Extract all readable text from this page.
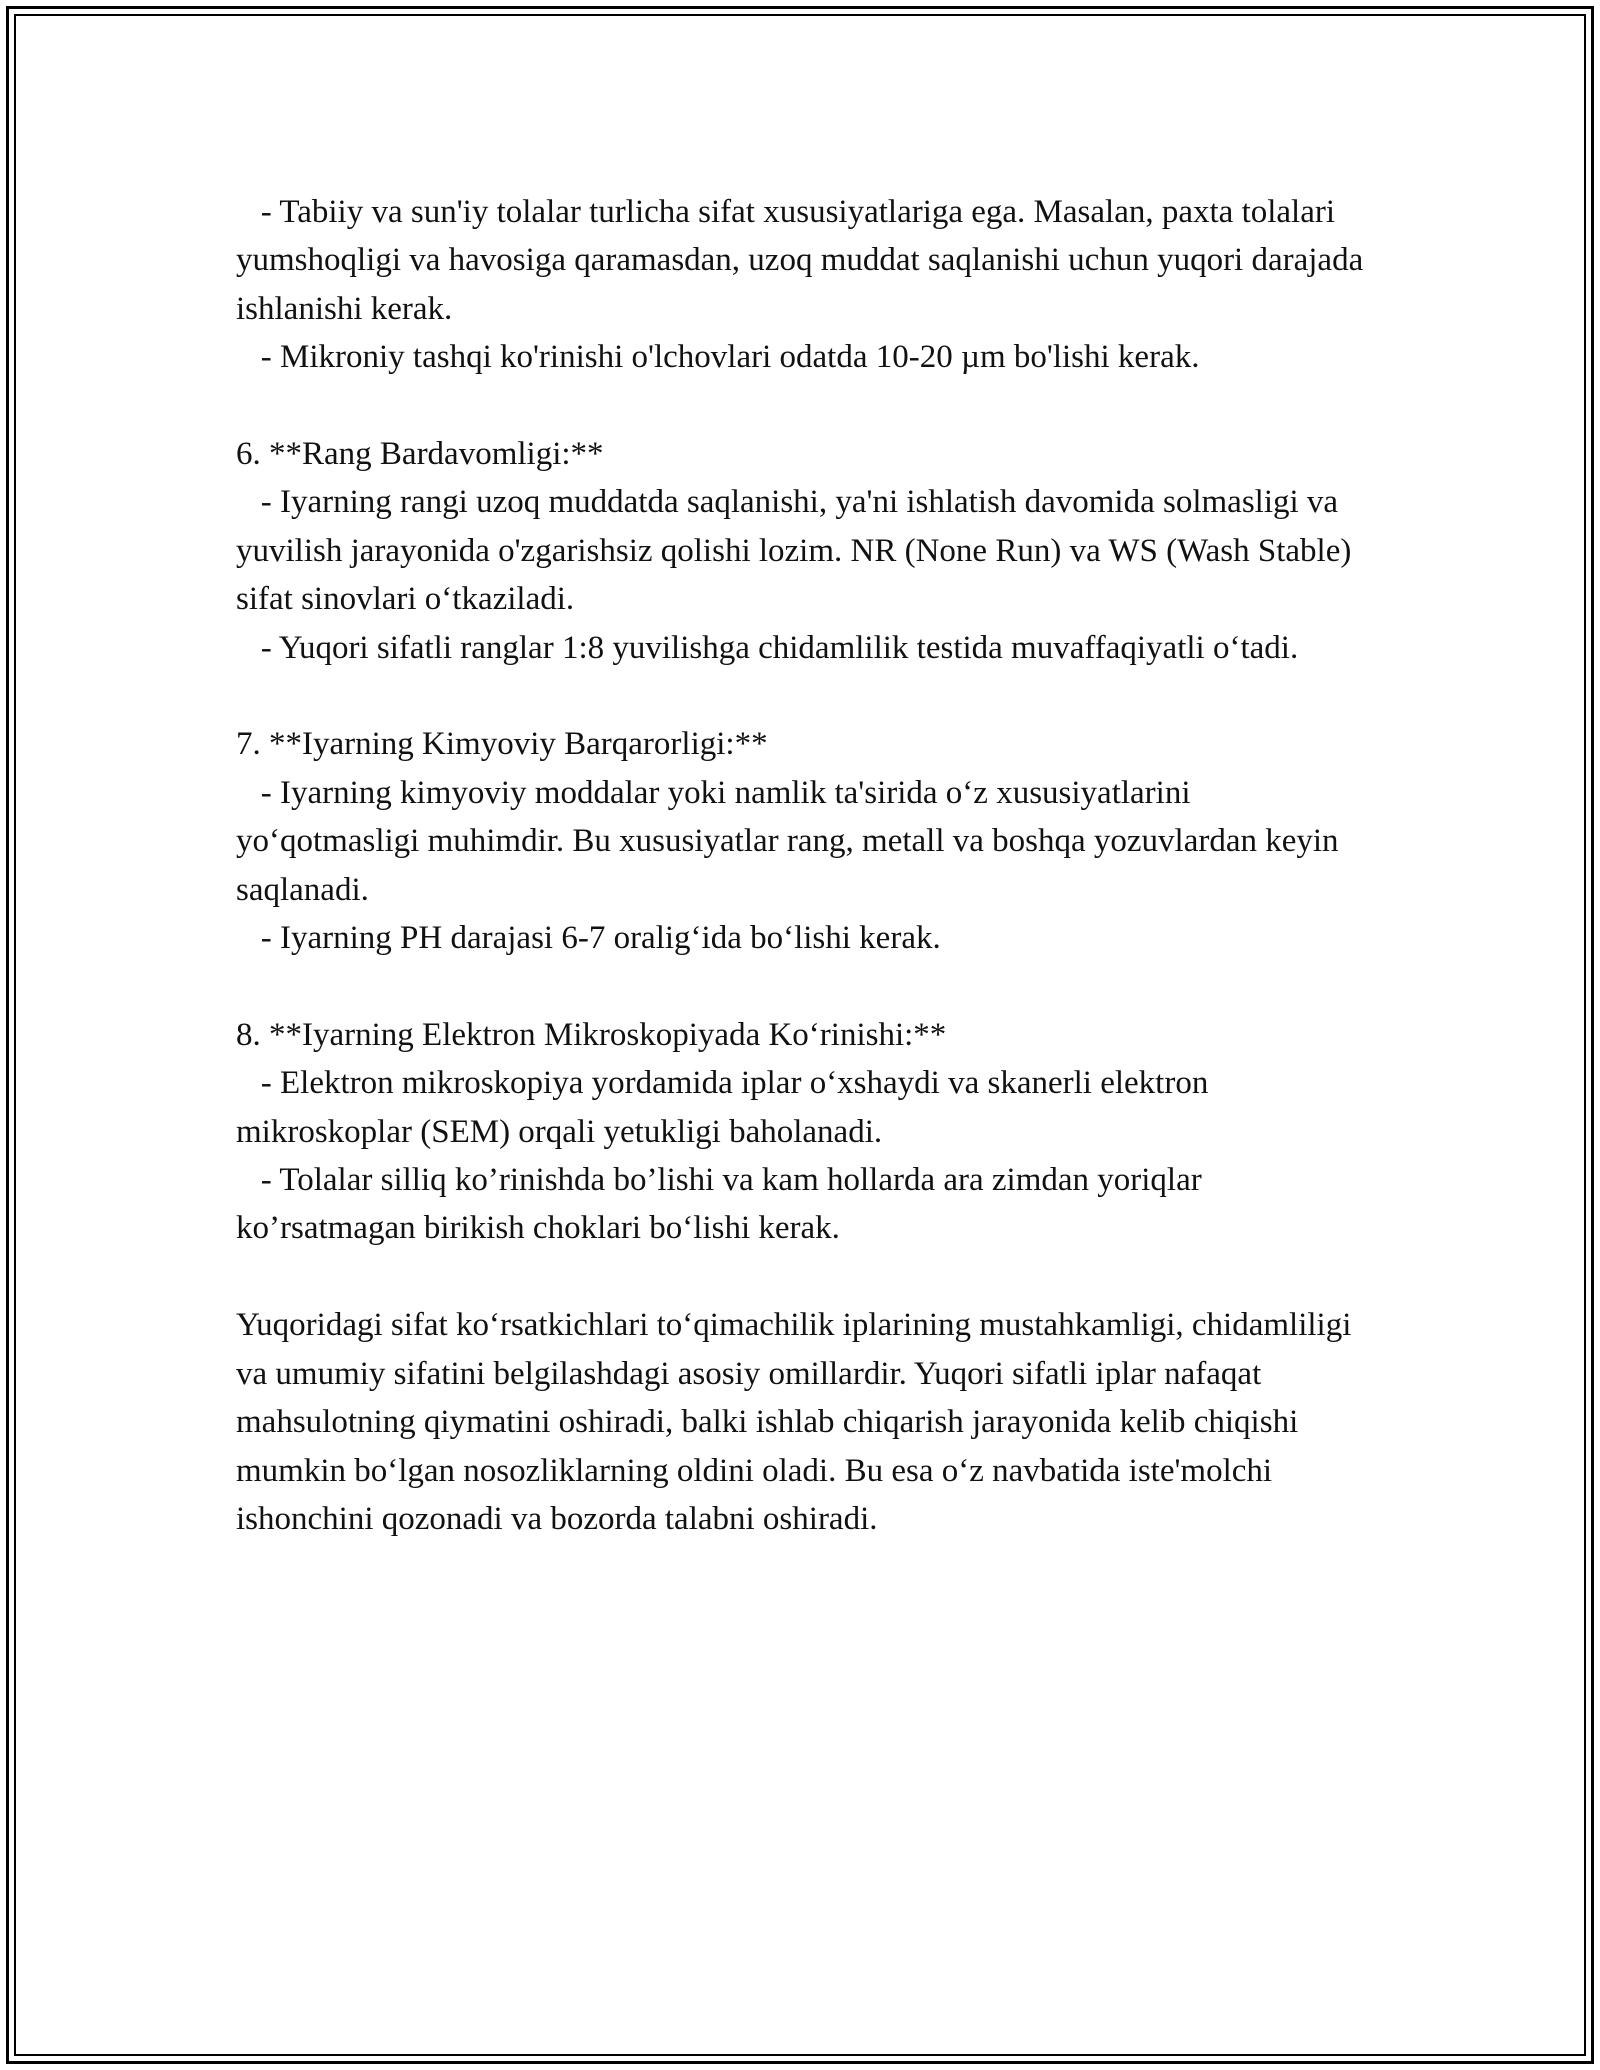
- Tabiiy va sun'iy tolalar turlicha sifat xususiyatlariga ega. Masalan, paxta tolalari yumshoqligi va havosiga qaramasdan, uzoq muddat saqlanishi uchun yuqori darajada ishlanishi kerak.

- Mikroniy tashqi ko'rinishi o'lchovlari odatda 10-20 µm bo'lishi kerak.

6. **Rang Bardavomligi:**

- Iyarning rangi uzoq muddatda saqlanishi, ya'ni ishlatish davomida solmasligi va yuvilish jarayonida o'zgarishsiz qolishi lozim. NR (None Run) va WS (Wash Stable) sifat sinovlari oʻtkaziladi.

- Yuqori sifatli ranglar 1:8 yuvilishga chidamlilik testida muvaffaqiyatli oʻtadi.

7. **Iyarning Kimyoviy Barqarorligi:**

- Iyarning kimyoviy moddalar yoki namlik ta'sirida oʻz xususiyatlarini yoʻqotmasligi muhimdir. Bu xususiyatlar rang, metall va boshqa yozuvlardan keyin saqlanadi.

- Iyarning PH darajasi 6-7 oraligʻida boʻlishi kerak.

8. **Iyarning Elektron Mikroskopiyada Koʻrinishi:**

- Elektron mikroskopiya yordamida iplar oʻxshaydi va skanerli elektron mikroskoplar (SEM) orqali yetukligi baholanadi.

- Tolalar silliq ko’rinishda bo’lishi va kam hollarda ara zimdan yoriqlar ko’rsatmagan birikish choklari boʻlishi kerak.

Yuqoridagi sifat koʻrsatkichlari toʻqimachilik iplarining mustahkamligi, chidamliligi va umumiy sifatini belgilashdagi asosiy omillardir. Yuqori sifatli iplar nafaqat mahsulotning qiymatini oshiradi, balki ishlab chiqarish jarayonida kelib chiqishi mumkin boʻlgan nosozliklarning oldini oladi. Bu esa oʻz navbatida iste'molchi ishonchini qozonadi va bozorda talabni oshiradi.
